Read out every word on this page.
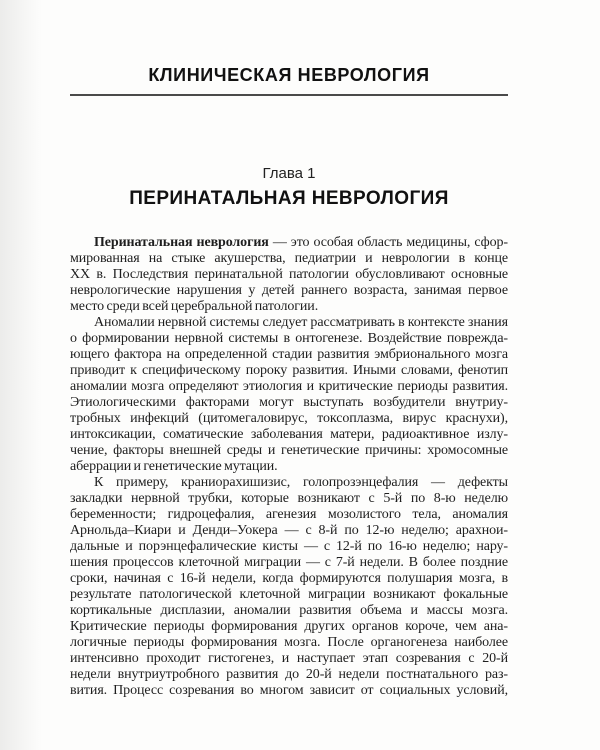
КЛИНИЧЕСКАЯ НЕВРОЛОГИЯ
Глава 1
ПЕРИНАТАЛЬНАЯ НЕВРОЛОГИЯ
Перинатальная неврология — это особая область медицины, сфор-
мированная на стыке акушерства, педиатрии и неврологии в конце
XX в. Последствия перинатальной патологии обусловливают основные
неврологические нарушения у детей раннего возраста, занимая первое
место среди всей церебральной патологии.
Аномалии нервной системы следует рассматривать в контексте знания
о формировании нервной системы в онтогенезе. Воздействие поврежда-
ющего фактора на определенной стадии развития эмбрионального мозга
приводит к специфическому пороку развития. Иными словами, фенотип
аномалии мозга определяют этиология и критические периоды развития.
Этиологическими факторами могут выступать возбудители внутриу-
тробных инфекций (цитомегаловирус, токсоплазма, вирус краснухи),
интоксикации, соматические заболевания матери, радиоактивное излу-
чение, факторы внешней среды и генетические причины: хромосомные
аберрации и генетические мутации.
К примеру, краниорахишизис, голопрозэнцефалия — дефекты
закладки нервной трубки, которые возникают с 5-й по 8-ю неделю
беременности; гидроцефалия, агенезия мозолистого тела, аномалия
Арнольда–Киари и Денди–Уокера — с 8-й по 12-ю неделю; арахнои-
дальные и порэнцефалические кисты — с 12-й по 16-ю неделю; нару-
шения процессов клеточной миграции — с 7-й недели. В более поздние
сроки, начиная с 16-й недели, когда формируются полушария мозга, в
результате патологической клеточной миграции возникают фокальные
кортикальные дисплазии, аномалии развития объема и массы мозга.
Критические периоды формирования других органов короче, чем ана-
логичные периоды формирования мозга. После органогенеза наиболее
интенсивно проходит гистогенез, и наступает этап созревания с 20-й
недели внутриутробного развития до 20-й недели постнатального раз-
вития. Процесс созревания во многом зависит от социальных условий,
